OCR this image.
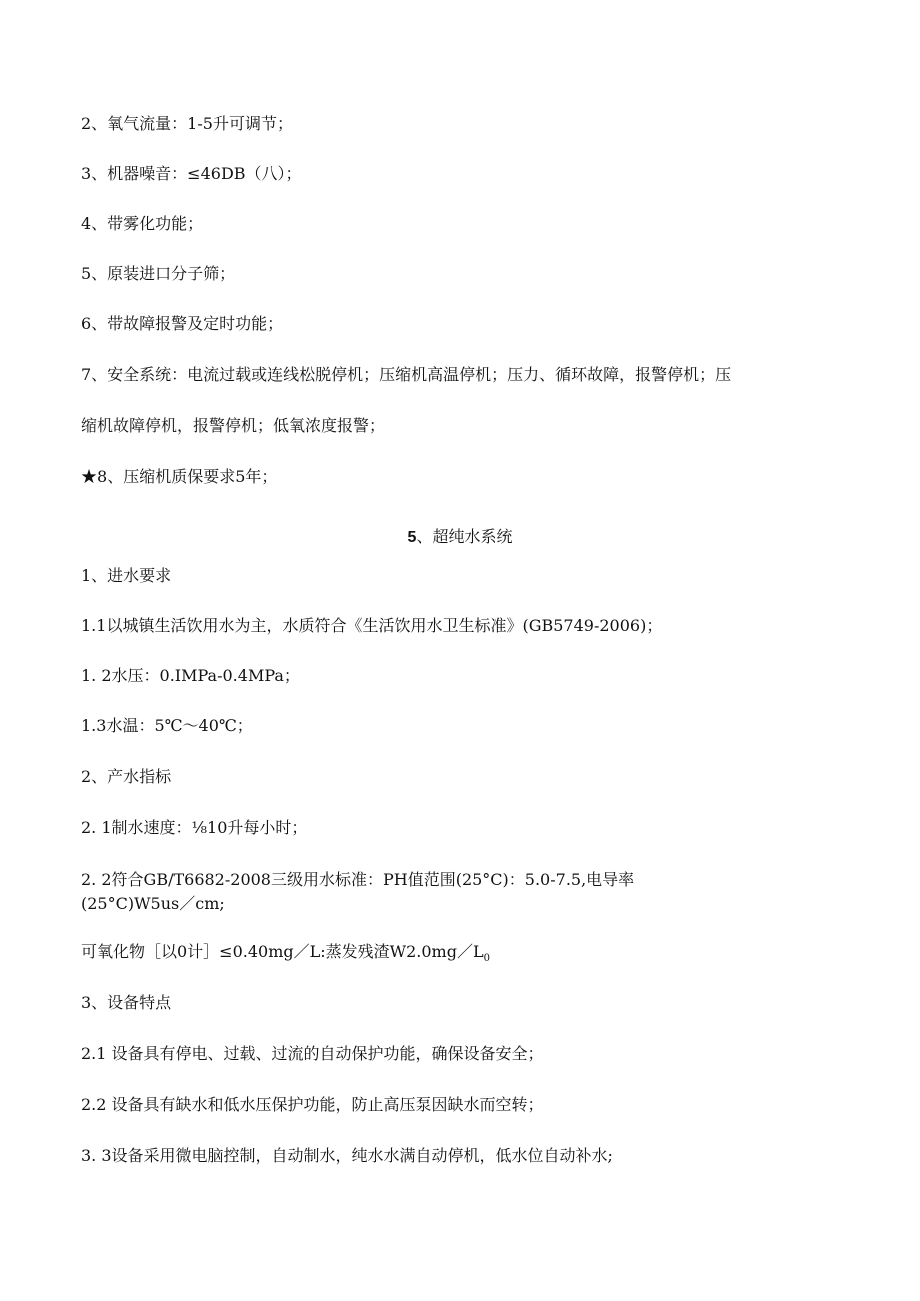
2、氧气流量：1-5升可调节；

3、机器噪音：≤46DB（八）；

4、带雾化功能；

5、原装进口分子筛；

6、带故障报警及定时功能；

7、安全系统：电流过载或连线松脱停机；压缩机高温停机；压力、循环故障，报警停机；压

缩机故障停机，报警停机；低氧浓度报警；

★8、压缩机质保要求5年；

5、超纯水系统

1、进水要求

1.1以城镇生活饮用水为主，水质符合《生活饮用水卫生标准》(GB5749-2006)；

1. 2水压：0.IMPa-0.4MPa；

1.3水温：5℃～40℃；

2、产水指标

2. 1制水速度：⅛10升每小时；

2. 2符合GB/T6682-2008三级用水标准：PH值范围(25°C)：5.0-7.5,电导率

(25°C)W5us／cm;

可氧化物［以0计］≤0.40mg／L:蒸发残渣$W2.0mg/L_0$

3、设备特点

2.1 设备具有停电、过载、过流的自动保护功能，确保设备安全；

2.2 设备具有缺水和低水压保护功能，防止高压泵因缺水而空转；

3. 3设备采用微电脑控制，自动制水，纯水水满自动停机，低水位自动补水;
